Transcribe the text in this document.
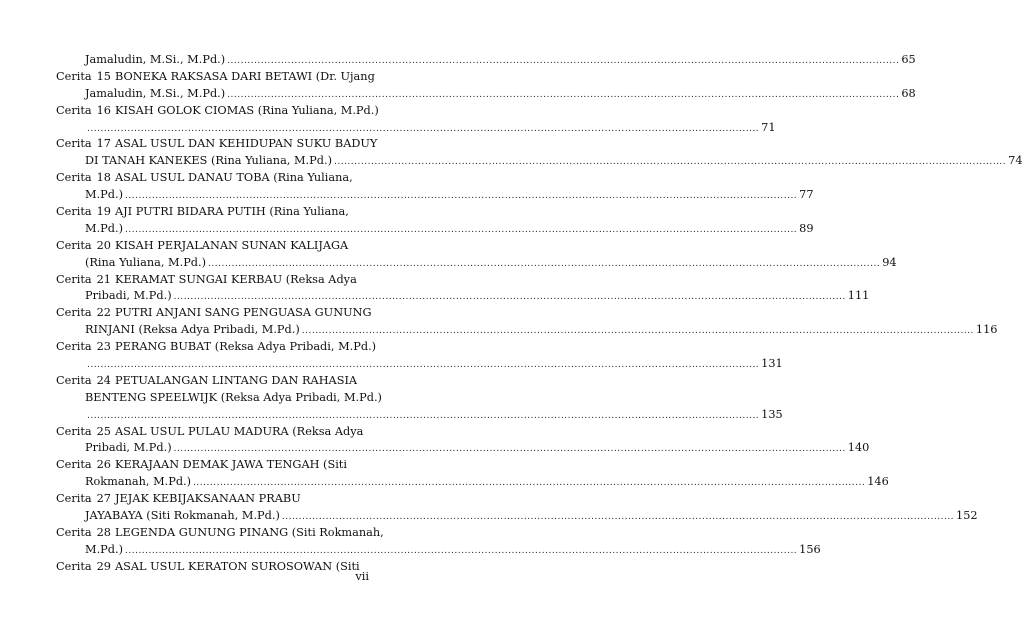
Jamaludin, M.Si., M.Pd.) ........................................................................................................................................................................................................ 65
Cerita 15 BONEKA RAKSASA DARI BETAWI (Dr. Ujang
Jamaludin, M.Si., M.Pd.) ........................................................................................................................................................................................................ 68
Cerita 16 KISAH GOLOK CIOMAS (Rina Yuliana, M.Pd.)
........................................................................................................................................................................................................ 71
Cerita 17 ASAL USUL DAN KEHIDUPAN SUKU BADUY
DI TANAH KANEKES (Rina Yuliana, M.Pd.) ........................................................................................................................................................................................................ 74
Cerita 18 ASAL USUL DANAU TOBA (Rina Yuliana,
M.Pd.) ........................................................................................................................................................................................................ 77
Cerita 19 AJI PUTRI BIDARA PUTIH (Rina Yuliana,
M.Pd.) ........................................................................................................................................................................................................ 89
Cerita 20 KISAH PERJALANAN SUNAN KALIJAGA
(Rina Yuliana, M.Pd.) ........................................................................................................................................................................................................ 94
Cerita 21 KERAMAT SUNGAI KERBAU (Reksa Adya
Pribadi, M.Pd.) ........................................................................................................................................................................................................ 111
Cerita 22 PUTRI ANJANI SANG PENGUASA GUNUNG
RINJANI (Reksa Adya Pribadi, M.Pd.) ........................................................................................................................................................................................................ 116
Cerita 23 PERANG BUBAT (Reksa Adya Pribadi, M.Pd.)
........................................................................................................................................................................................................ 131
Cerita 24 PETUALANGAN LINTANG DAN RAHASIA
BENTENG SPEELWIJK (Reksa Adya Pribadi, M.Pd.)
........................................................................................................................................................................................................ 135
Cerita 25 ASAL USUL PULAU MADURA (Reksa Adya
Pribadi, M.Pd.) ........................................................................................................................................................................................................ 140
Cerita 26 KERAJAAN DEMAK JAWA TENGAH (Siti
Rokmanah, M.Pd.) ........................................................................................................................................................................................................ 146
Cerita 27 JEJAK KEBIJAKSANAAN PRABU
JAYABAYA (Siti Rokmanah, M.Pd.) ........................................................................................................................................................................................................ 152
Cerita 28 LEGENDA GUNUNG PINANG (Siti Rokmanah,
M.Pd.) ........................................................................................................................................................................................................ 156
Cerita 29 ASAL USUL KERATON SUROSOWAN (Siti
vii
